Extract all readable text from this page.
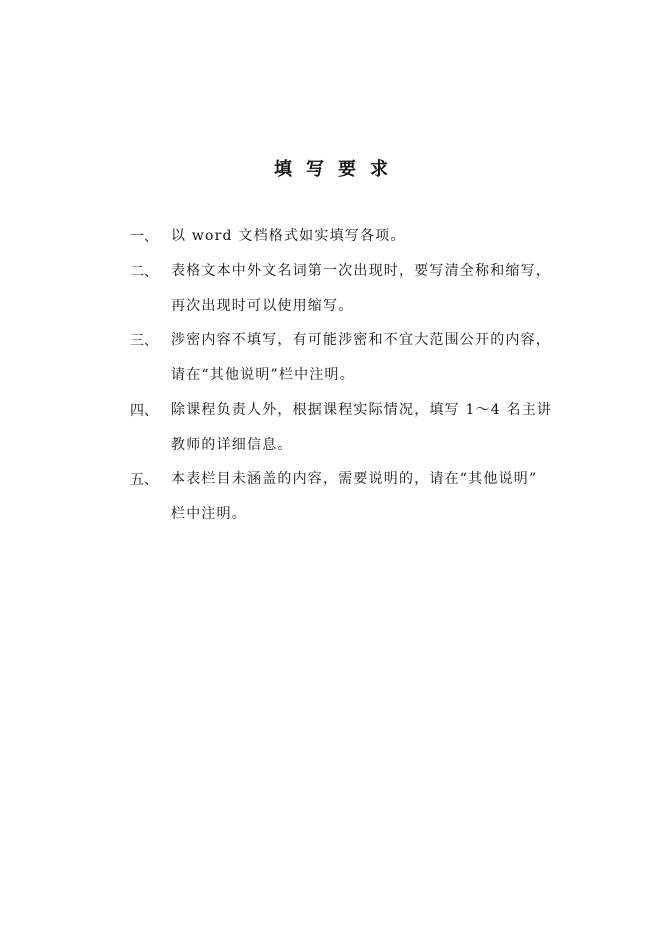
填写要求
一、 以 word 文档格式如实填写各项。
二、 表格文本中外文名词第一次出现时，要写清全称和缩写，
再次出现时可以使用缩写。
三、 涉密内容不填写，有可能涉密和不宜大范围公开的内容，
请在“其他说明”栏中注明。
四、 除课程负责人外，根据课程实际情况，填写 1～4 名主讲
教师的详细信息。
五、 本表栏目未涵盖的内容，需要说明的，请在“其他说明”
栏中注明。
